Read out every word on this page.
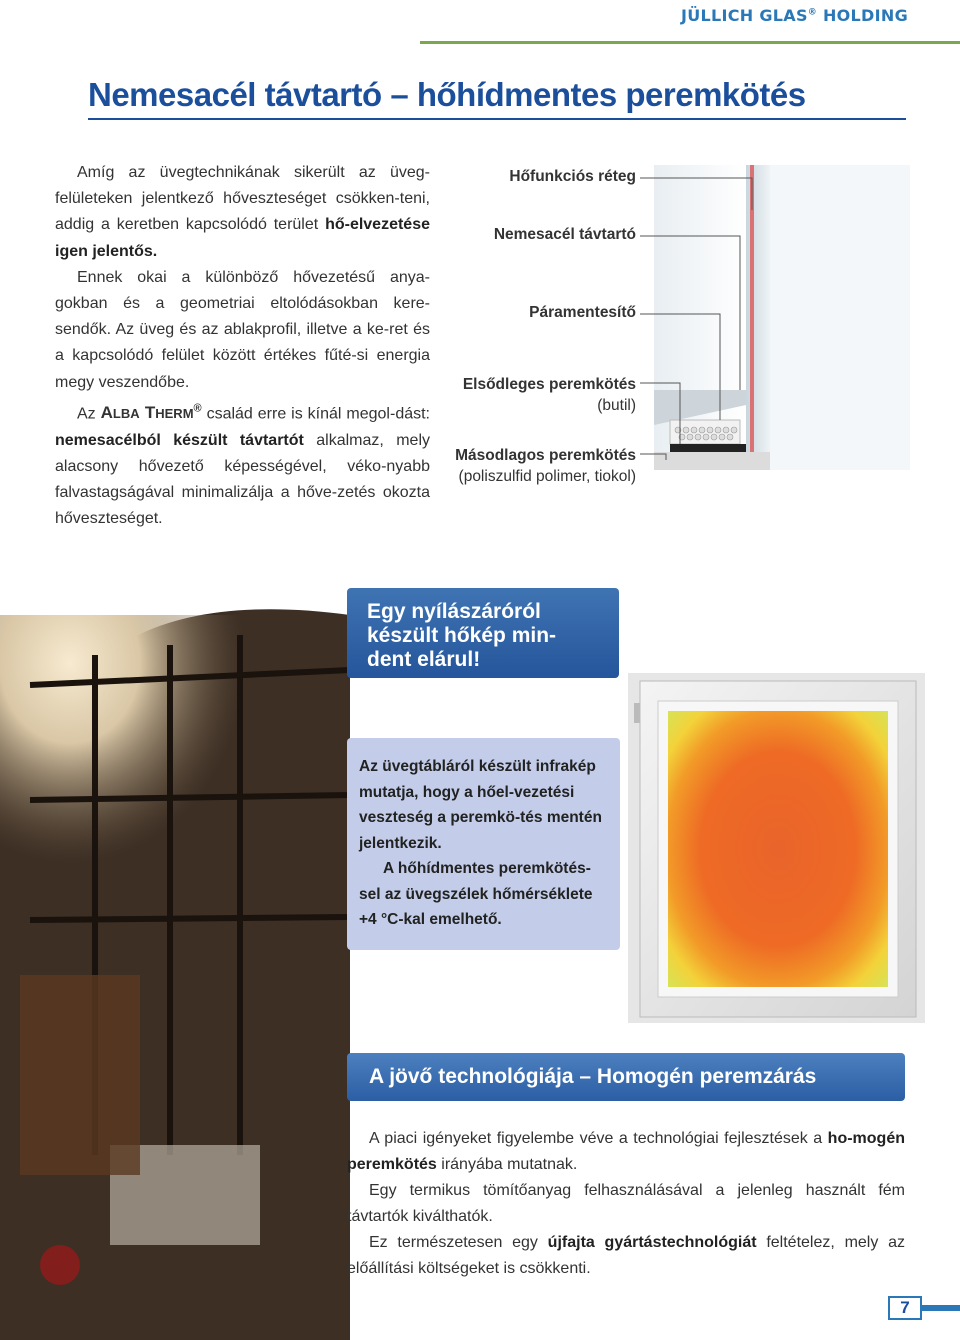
JÜLLICH GLAS® HOLDING
Nemesacél távtartó – hőhídmentes peremkötés

Amíg az üvegtechnikának sikerült az üveg-felületeken jelentkező hőveszteséget csökken-teni, addig a keretben kapcsolódó terület hő-elvezetése igen jelentős.

Ennek okai a különböző hővezetésű anya-gokban és a geometriai eltolódásokban kere-sendők. Az üveg és az ablakprofil, illetve a ke-ret és a kapcsolódó felület között értékes fűté-si energia megy veszendőbe.

Az ALBA THERM® család erre is kínál megol-dást: nemesacélból készült távtartót alkalmaz, mely alacsony hővezető képességével, véko-nyabb falvastagságával minimalizálja a hőve-zetés okozta hőveszteséget.

Hőfunkciós réteg
Nemesacél távtartó
Páramentesítő
Elsődleges peremkötés
(butil)
Másodlagos peremkötés
(poliszulfid polimer, tiokol)
Egy nyílászáróról készült hőkép min-dent elárul!

Az üvegtábláról készült infrakép mutatja, hogy a hőel-vezetési veszteség a peremkö-tés mentén jelentkezik.

A hőhídmentes peremkötés-sel az üvegszélek hőmérséklete +4 °C-kal emelhető.

A jövő technológiája – Homogén peremzárás

A piaci igényeket figyelembe véve a technológiai fejlesztések a ho-mogén peremkötés irányába mutatnak.

Egy termikus tömítőanyag felhasználásával a jelenleg használt fém távtartók kiválthatók.

Ez természetesen egy újfajta gyártástechnológiát feltételez, mely az előállítási költségeket is csökkenti.

7
